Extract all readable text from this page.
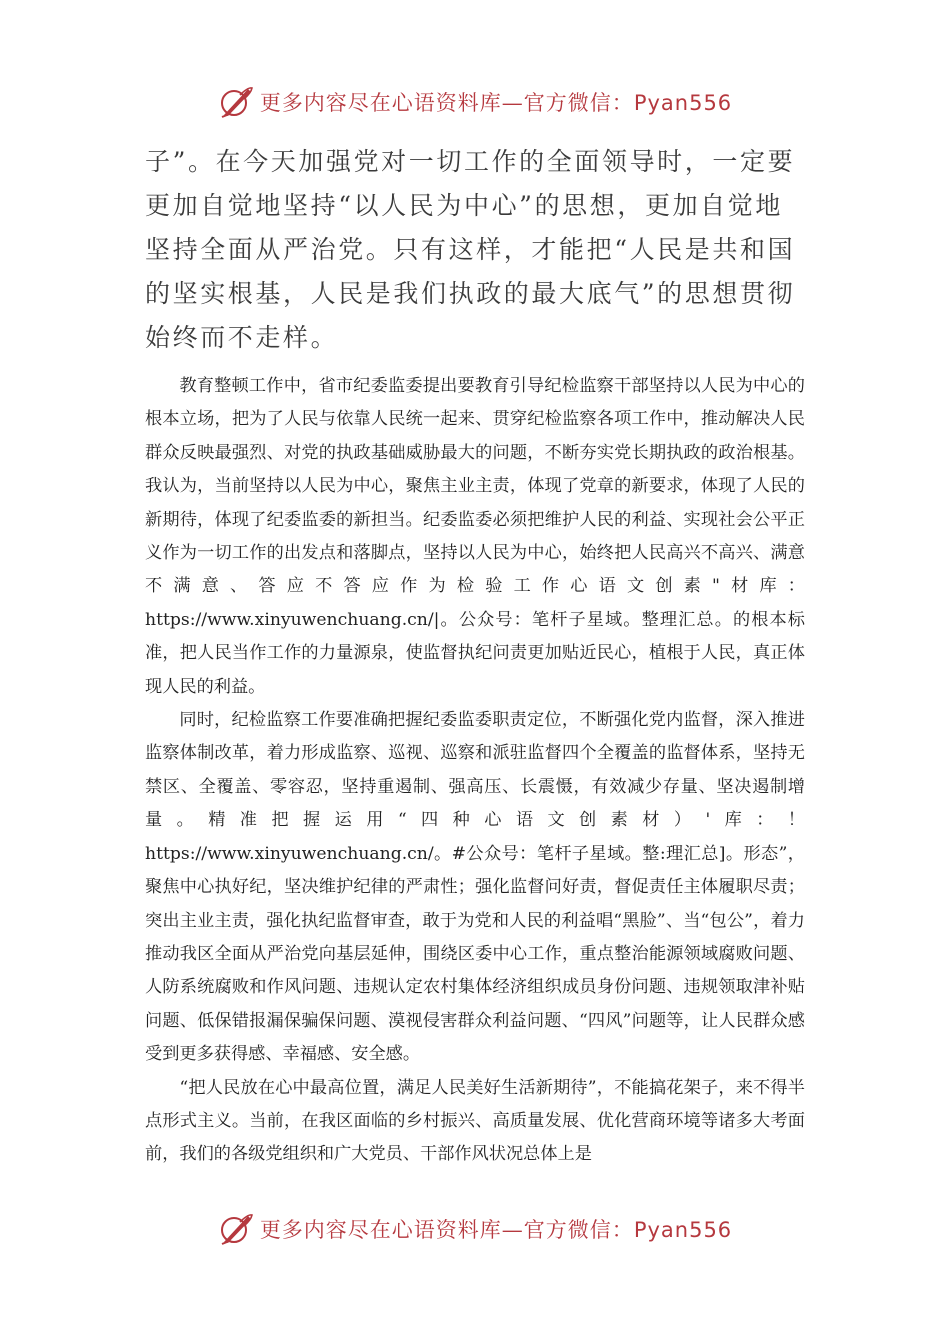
更多内容尽在心语资料库—官方微信：Pyan556

子”。在今天加强党对一切工作的全面领导时，一定要更加自觉地坚持“以人民为中心”的思想，更加自觉地坚持全面从严治党。只有这样，才能把“人民是共和国的坚实根基，人民是我们执政的最大底气”的思想贯彻始终而不走样。

教育整顿工作中，省市纪委监委提出要教育引导纪检监察干部坚持以人民为中心的根本立场，把为了人民与依靠人民统一起来、贯穿纪检监察各项工作中，推动解决人民群众反映最强烈、对党的执政基础威胁最大的问题，不断夯实党长期执政的政治根基。我认为，当前坚持以人民为中心，聚焦主业主责，体现了党章的新要求，体现了人民的新期待，体现了纪委监委的新担当。纪委监委必须把维护人民的利益、实现社会公平正义作为一切工作的出发点和落脚点，坚持以人民为中心，始终把人民高兴不高兴、满意不满意、答应不答应作为检验工作心语文创素"材库：https://www.xinyuwenchuang.cn/|。公众号：笔杆子星域。整理汇总。的根本标准，把人民当作工作的力量源泉，使监督执纪问责更加贴近民心，植根于人民，真正体现人民的利益。

同时，纪检监察工作要准确把握纪委监委职责定位，不断强化党内监督，深入推进监察体制改革，着力形成监察、巡视、巡察和派驻监督四个全覆盖的监督体系，坚持无禁区、全覆盖、零容忍，坚持重遏制、强高压、长震慑，有效减少存量、坚决遏制增量。精准把握运用“四种心语文创素材）'库：！https://www.xinyuwenchuang.cn/。#公众号：笔杆子星域。整:理汇总]。形态”，聚焦中心执好纪，坚决维护纪律的严肃性；强化监督问好责，督促责任主体履职尽责；突出主业主责，强化执纪监督审查，敢于为党和人民的利益唱“黑脸”、当“包公”，着力推动我区全面从严治党向基层延伸，围绕区委中心工作，重点整治能源领域腐败问题、人防系统腐败和作风问题、违规认定农村集体经济组织成员身份问题、违规领取津补贴问题、低保错报漏保骗保问题、漠视侵害群众利益问题、“四风”问题等，让人民群众感受到更多获得感、幸福感、安全感。

“把人民放在心中最高位置，满足人民美好生活新期待”，不能搞花架子，来不得半点形式主义。当前，在我区面临的乡村振兴、高质量发展、优化营商环境等诸多大考面前，我们的各级党组织和广大党员、干部作风状况总体上是

更多内容尽在心语资料库—官方微信：Pyan556
